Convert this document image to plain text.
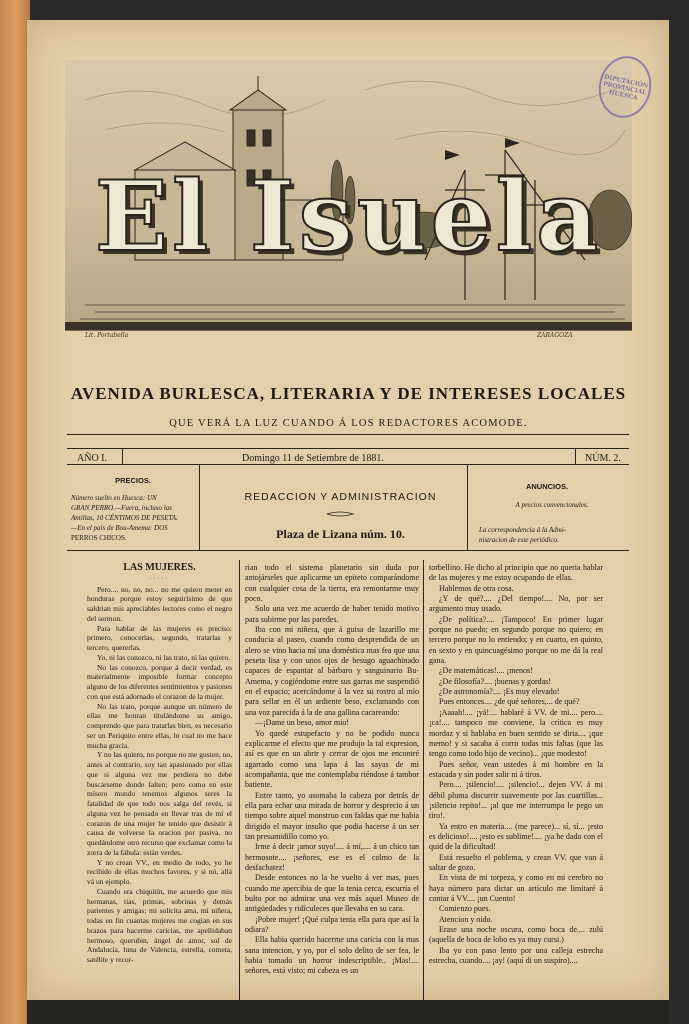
El Isuela
Lit. Portabella	ZARAGOZA
DIPUTACIÓN PROVINCIAL HUESCA
AVENIDA BURLESCA, LITERARIA Y DE INTERESES LOCALES
QUE VERÁ LA LUZ CUANDO Á LOS REDACTORES ACOMODE.
AÑO I.	Domingo 11 de Setiembre de 1881.	NÚM. 2.
PRECIOS.
Número suelto en Huesca: UN
GRAN PERRO.—Fuera, incluso las
Antillas, 10 CÉNTIMOS DE PESETA.
—En el país de Bou-Amema: DOS
PERROS CHICOS.
REDACCION Y ADMINISTRACION
Plaza de Lizana núm. 10.
ANUNCIOS.
A precios convencionales.
La correspondencia á la Admi-
nistracion de este periódico.

LAS MUJERES.

·····

Pero.... no, no, no... no me quiero meter en honduras porque estoy seguirísimo de que saldrian mis apreciables lectores como el negro del sermon.

Para hablar de las mujeres es preciso: primero, conocerlas, segundo, tratarlas y tercero, quererlas.

Yo, ni las conozco, ni las trato, ni las quiero.

No las conozco, porque á decir verdad, es materialmente imposible formar concepto alguno de los diferentes sentimientos y pasiones con que está adornado el corazon de la mujer.

No las trato, porque aunque un número de ellas me honran titulándome su amigo, comprendo que para tratarlas bien, es necesario ser un Periquito entre ellas, lo cual no me hace mucha gracia.

Y no las quiero, no porque no me gusten, no, antes al contrario, soy tan apasionado por ellas que si alguna vez me perdiera no debe buscárseme donde falten; pero como en este mísero mundo tenemos algunos seres la fatalidad de que todo nos salga del revés, si alguna vez he pensado en llevar tras de mí el corazon de una mujer he tenido que desistir á causa de volverse la oracion por pasiva, no quedándome otro recurso que exclamar como la zorra de la fábula: están verdes.

Y no crean VV., en medio de todo, yo he recibido de ellas muchos favores, y si nó, allá vá un ejemplo.

Cuando era chiquitín, me acuerdo que mis hermanas, tias, primas, sobrinas y demás parientes y amigas; mi solicita ama, mi niñera, todas en fin cuantas mujeres me cogian en sus brazos para hacerme caricias, me apellidaban hermoso, querubin, ángel de amor, sol de Andalucía, luna de Valencia, estrella, cometa, satélite y recor-

rian todo el sistema planetario sin duda por antojárseles que aplicarme un epíteto comparándome con cualquier cosa de la tierra, era remontarme muy poco.

Solo una vez me acuerdo de haber tenido motivo para subirme por las paredes.

Iba con mi niñera, que á guisa de lazarillo me conducia al paseo, cuando como desprendida de un alero se vino hacia mí una doméstica mas fea que una peseta lisa y con unos ojos de besugo aguachinado capaces de espantar al bárbaro y sanguinario Bu-Amema, y cogiéndome entre sus garras me suspendió en el espacio; acercándome á la vez su rostro al mio para sellar en él un ardiente beso, exclamando con una voz parecida á la de una gallina cacareando:

—¡Dame un beso, amor mio!

Yo quedé estupefacto y no he podido nunca explicarme el efecto que me produjo la tal expresion, así es que en un abrir y cerrar de ojos me encontré agarrado como una lapa á las sayas de mi acompañanta, que me contemplaba riéndose á tambor batiente.

Entre tanto, yo asomaba la cabeza por detrás de ella para echar una mirada de horror y desprecio á un tiempo sobre aquel monstruo con faldas que me habia dirigido el mayor insulto que podia hacerse á un ser tan presumidillo como yo.

Irme á decir ¡amor suyo!.... á mí,.... á un chico tan hermosote.... ¡señores, ese es el colmo de la desfachatez!

Desde entonces no la he vuelto á ver mas, pues cuando me apercibia de que la tenia cerca, escurria el bulto por no admirar una vez más aquel Museo de antigüedades y ridículeces que llevaba en su cara.

¡Pobre mujer! ¡Qué culpa tenia ella para que así la odiara?

Ella habia querido hacerme una caricia con la mas sana intencion, y yo, por el solo delito de ser fea, le habia tomado un horror indescriptible.. ¡Mas!.... señores, está visto; mi cabeza es un

torbellino. He dicho al principio que no queria hablar de las mujeres y me estoy ocupando de ellas.

Hablemos de otra cosa.

¿Y de qué?.... ¿Del tiempo!.... No, por ser argumento muy usado.

¿De política?.... ¡Tampoco! En primer lugar porque no puedo; en segundo porque no quiero; en tercero porque no lo entiendo; y en cuarto, en quinto, en sexto y en quincuagésimo porque no me dá la real gana.

¿De matemáticas!.... ¡menos!

¿De filosofía?.... ¡buenas y gordas!

¿De astronomía?.... ¡Es muy elevado!

Pues entonces.... ¿de qué señores,... de qué?

¡Aaaah!.... ¡yá!.... hablaré á VV. de mi.... pero.... ¡ca!.... tampoco me conviene, la crítica es muy mordaz y si hablaba en buen sentido se diria.... ¡que memo! y si sacaba á corro todas mis faltas (que las tengo como todo hijo de vecino)... ¡que modesto!

Pues señor, vean ustedes á mi hombre en la estacada y sin poder salir ni á tiros.

Pero.... ¡silencio!.... ¡silencio!... dejen VV. á mi débil pluma discurrir suavemente por las cuartillas... ¡silencio repito!... ¡al que me interrumpa le pego un tiro!.

Ya entro en materia.... (me parece)... sí, sí... ¡esto es delicioso!.... ¡esto es sublime!.... ¡ya he dado con el quid de la dificultad!

Está resuelto el poblema, y crean VV. que van á saltar de gozo.

En vista de mi torpeza, y como en mi cerebro no haya número para dictar un artículo me limitaré á contar á VV.... ¡un Cuento!

Comienzo pues.

Atencion y oido.

Erase una noche oscura, como boca de.... zulú (aquella de boca de lobo es ya muy cursi.)

Iba yo con paso lento por una calleja estrecha estrecha, cuando.... ¡ay! (aquí di un suspiro)....
